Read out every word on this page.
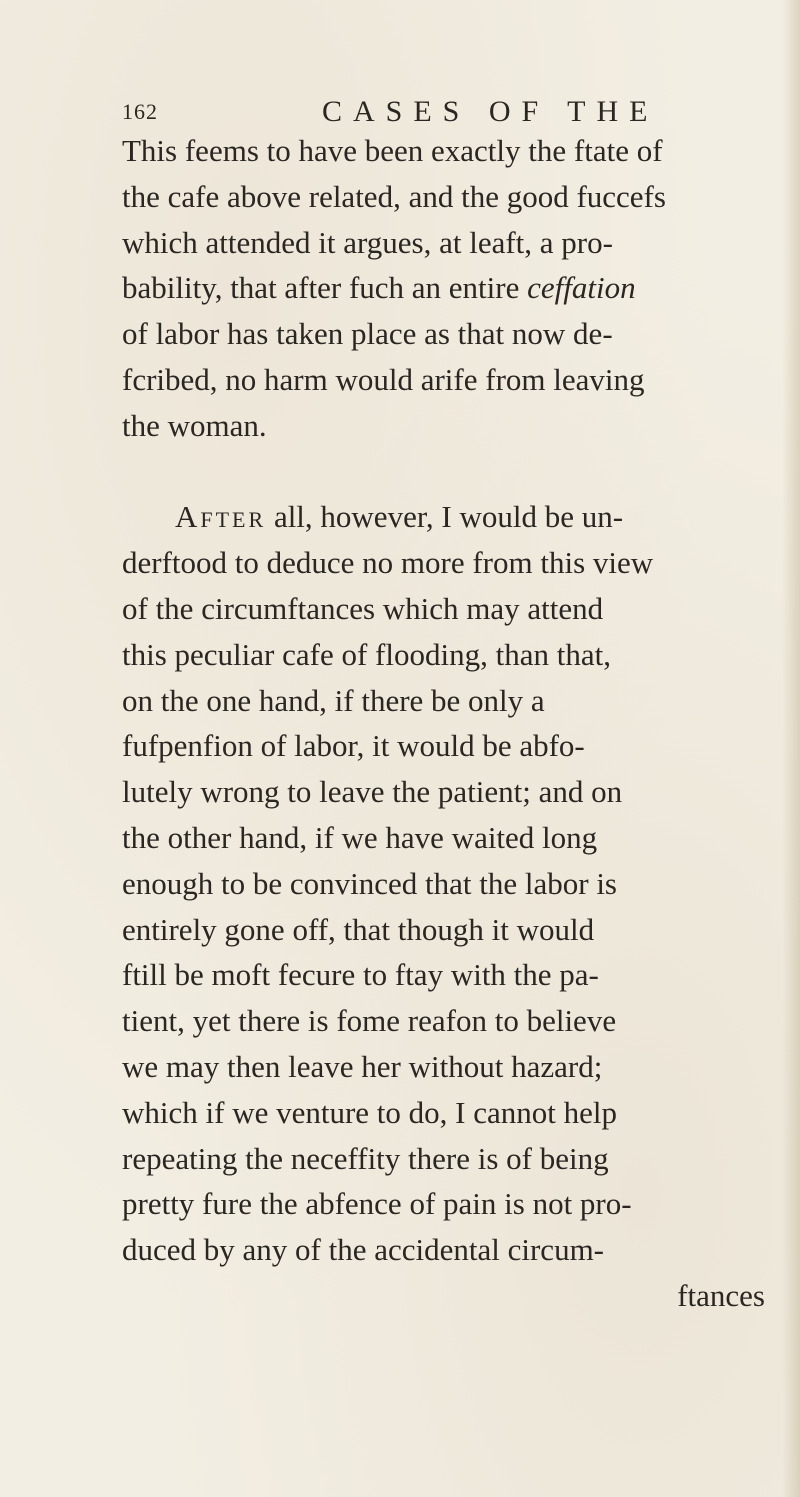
162	CASES OF THE
This feems to have been exactly the ftate of
the cafe above related, and the good fuccefs
which attended it argues, at leaft, a pro-
bability, that after fuch an entire ceffation
of labor has taken place as that now de-
fcribed, no harm would arife from leaving
the woman.
After all, however, I would be un-
derftood to deduce no more from this view
of the circumftances which may attend
this peculiar cafe of flooding, than that,
on the one hand, if there be only a
fufpenfion of labor, it would be abfo-
lutely wrong to leave the patient; and on
the other hand, if we have waited long
enough to be convinced that the labor is
entirely gone off, that though it would
ftill be moft fecure to ftay with the pa-
tient, yet there is fome reafon to believe
we may then leave her without hazard;
which if we venture to do, I cannot help
repeating the neceffity there is of being
pretty fure the abfence of pain is not pro-
duced by any of the accidental circum-
ftances
